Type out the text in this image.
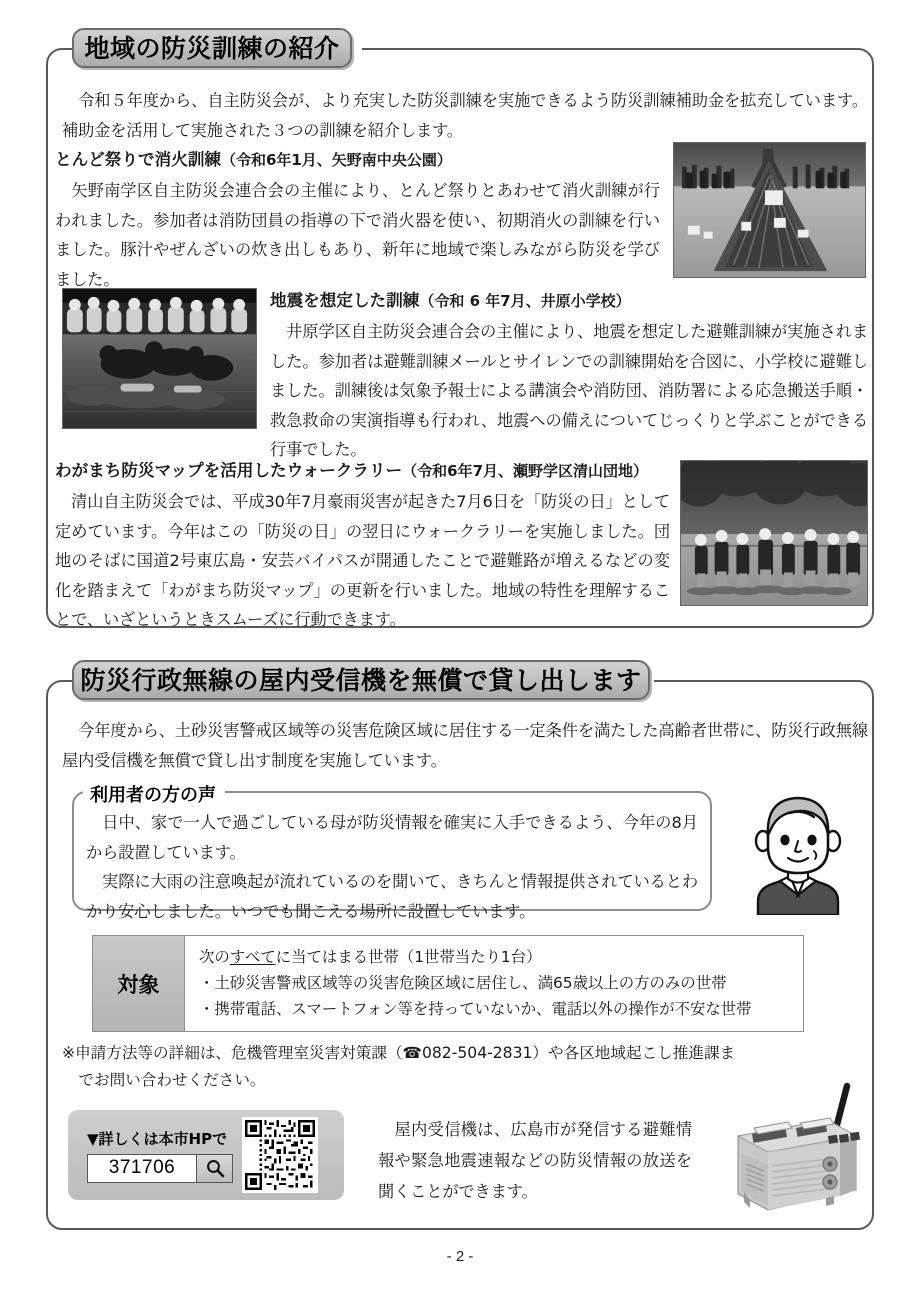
地域の防災訓練の紹介
　令和５年度から、自主防災会が、より充実した防災訓練を実施できるよう防災訓練補助金を拡充しています。補助金を活用して実施された３つの訓練を紹介します。
とんど祭りで消火訓練（令和6年1月、矢野南中央公園）
　矢野南学区自主防災会連合会の主催により、とんど祭りとあわせて消火訓練が行われました。参加者は消防団員の指導の下で消火器を使い、初期消火の訓練を行いました。豚汁やぜんざいの炊き出しもあり、新年に地域で楽しみながら防災を学びました。
地震を想定した訓練（令和 6 年7月、井原小学校）
　井原学区自主防災会連合会の主催により、地震を想定した避難訓練が実施されました。参加者は避難訓練メールとサイレンでの訓練開始を合図に、小学校に避難しました。訓練後は気象予報士による講演会や消防団、消防署による応急搬送手順・救急救命の実演指導も行われ、地震への備えについてじっくりと学ぶことができる行事でした。
わがまち防災マップを活用したウォークラリー（令和6年7月、瀬野学区清山団地）
　清山自主防災会では、平成30年7月豪雨災害が起きた7月6日を「防災の日」として定めています。今年はこの「防災の日」の翌日にウォークラリーを実施しました。団地のそばに国道2号東広島・安芸バイパスが開通したことで避難路が増えるなどの変化を踏まえて「わがまち防災マップ」の更新を行いました。地域の特性を理解することで、いざというときスムーズに行動できます。
防災行政無線の屋内受信機を無償で貸し出します
　今年度から、土砂災害警戒区域等の災害危険区域に居住する一定条件を満たした高齢者世帯に、防災行政無線屋内受信機を無償で貸し出す制度を実施しています。
利用者の方の声
　日中、家で一人で過ごしている母が防災情報を確実に入手できるよう、今年の8月から設置しています。
　実際に大雨の注意喚起が流れているのを聞いて、きちんと情報提供されているとわかり安心しました。いつでも聞こえる場所に設置しています。
対象
次のすべてに当てはまる世帯（1世帯当たり1台）
・土砂災害警戒区域等の災害危険区域に居住し、満65歳以上の方のみの世帯
・携帯電話、スマートフォン等を持っていないか、電話以外の操作が不安な世帯
※申請方法等の詳細は、危機管理室災害対策課（☎082-504-2831）や各区地域起こし推進課ま
でお問い合わせください。
▼詳しくは本市HPで
371706
　屋内受信機は、広島市が発信する避難情報や緊急地震速報などの防災情報の放送を聞くことができます。
- 2 -
